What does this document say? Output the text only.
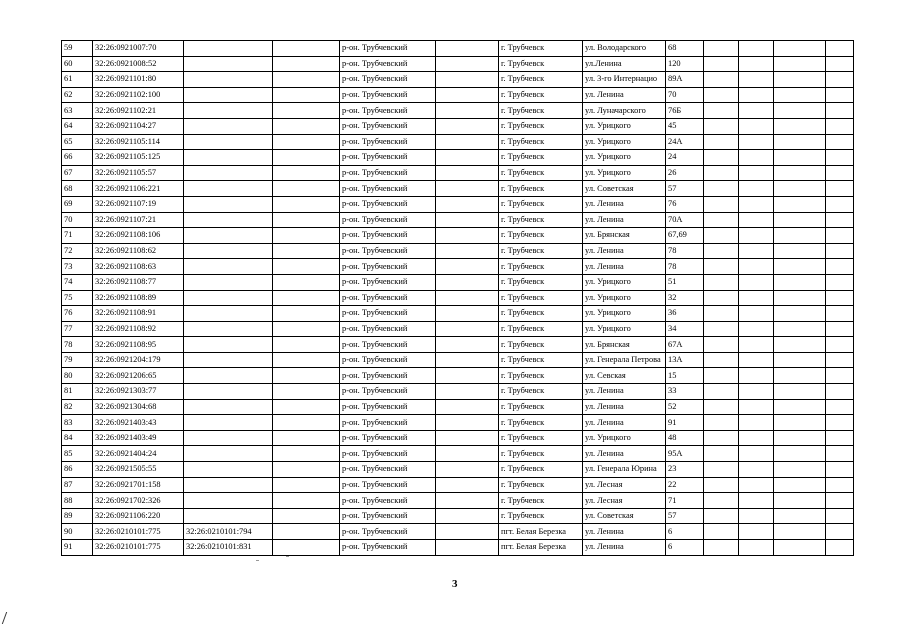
59	32:26:0921007:70			р-он. Трубчевский		г. Трубчевск	ул. Володарского	68				
60	32:26:0921008:52			р-он. Трубчевский		г. Трубчевск	ул.Ленина	120				
61	32:26:0921101:80			р-он. Трубчевский		г. Трубчевск	ул. 3-го Интернацио	89А				
62	32:26:0921102:100			р-он. Трубчевский		г. Трубчевск	ул. Ленина	70				
63	32:26:0921102:21			р-он. Трубчевский		г. Трубчевск	ул. Луначарского	76Б				
64	32:26:0921104:27			р-он. Трубчевский		г. Трубчевск	ул. Урицкого	45				
65	32:26:0921105:114			р-он. Трубчевский		г. Трубчевск	ул. Урицкого	24А				
66	32:26:0921105:125			р-он. Трубчевский		г. Трубчевск	ул. Урицкого	24				
67	32:26:0921105:57			р-он. Трубчевский		г. Трубчевск	ул. Урицкого	26				
68	32:26:0921106:221			р-он. Трубчевский		г. Трубчевск	ул. Советская	57				
69	32:26:0921107:19			р-он. Трубчевский		г. Трубчевск	ул. Ленина	76				
70	32:26:0921107:21			р-он. Трубчевский		г. Трубчевск	ул. Ленина	70А				
71	32:26:0921108:106			р-он. Трубчевский		г. Трубчевск	ул. Брянская	67,69				
72	32:26:0921108:62			р-он. Трубчевский		г. Трубчевск	ул. Ленина	78				
73	32:26:0921108:63			р-он. Трубчевский		г. Трубчевск	ул. Ленина	78				
74	32:26:0921108:77			р-он. Трубчевский		г. Трубчевск	ул. Урицкого	51				
75	32:26:0921108:89			р-он. Трубчевский		г. Трубчевск	ул. Урицкого	32				
76	32:26:0921108:91			р-он. Трубчевский		г. Трубчевск	ул. Урицкого	36				
77	32:26:0921108:92			р-он. Трубчевский		г. Трубчевск	ул. Урицкого	34				
78	32:26:0921108:95			р-он. Трубчевский		г. Трубчевск	ул. Брянская	67А				
79	32:26:0921204:179			р-он. Трубчевский		г. Трубчевск	ул. Генерала Петрова	13А				
80	32:26:0921206:65			р-он. Трубчевский		г. Трубчевск	ул. Севская	15				
81	32:26:0921303:77			р-он. Трубчевский		г. Трубчевск	ул. Ленина	33				
82	32:26:0921304:68			р-он. Трубчевский		г. Трубчевск	ул. Ленина	52				
83	32:26:0921403:43			р-он. Трубчевский		г. Трубчевск	ул. Ленина	91				
84	32:26:0921403:49			р-он. Трубчевский		г. Трубчевск	ул. Урицкого	48				
85	32:26:0921404:24			р-он. Трубчевский		г. Трубчевск	ул. Ленина	95А				
86	32:26:0921505:55			р-он. Трубчевский		г. Трубчевск	ул. Генерала Юрина	23				
87	32:26:0921701:158			р-он. Трубчевский		г. Трубчевск	ул. Лесная	22				
88	32:26:0921702:326			р-он. Трубчевский		г. Трубчевск	ул. Лесная	71				
89	32:26:0921106:220			р-он. Трубчевский		г. Трубчевск	ул. Советская	57				
90	32:26:0210101:775	32:26:0210101:794		р-он. Трубчевский		пгт. Белая Березка	ул. Ленина	6				
91	32:26:0210101:775	32:26:0210101:831		р-он. Трубчевский		пгт. Белая Березка	ул. Ленина	6				
3
